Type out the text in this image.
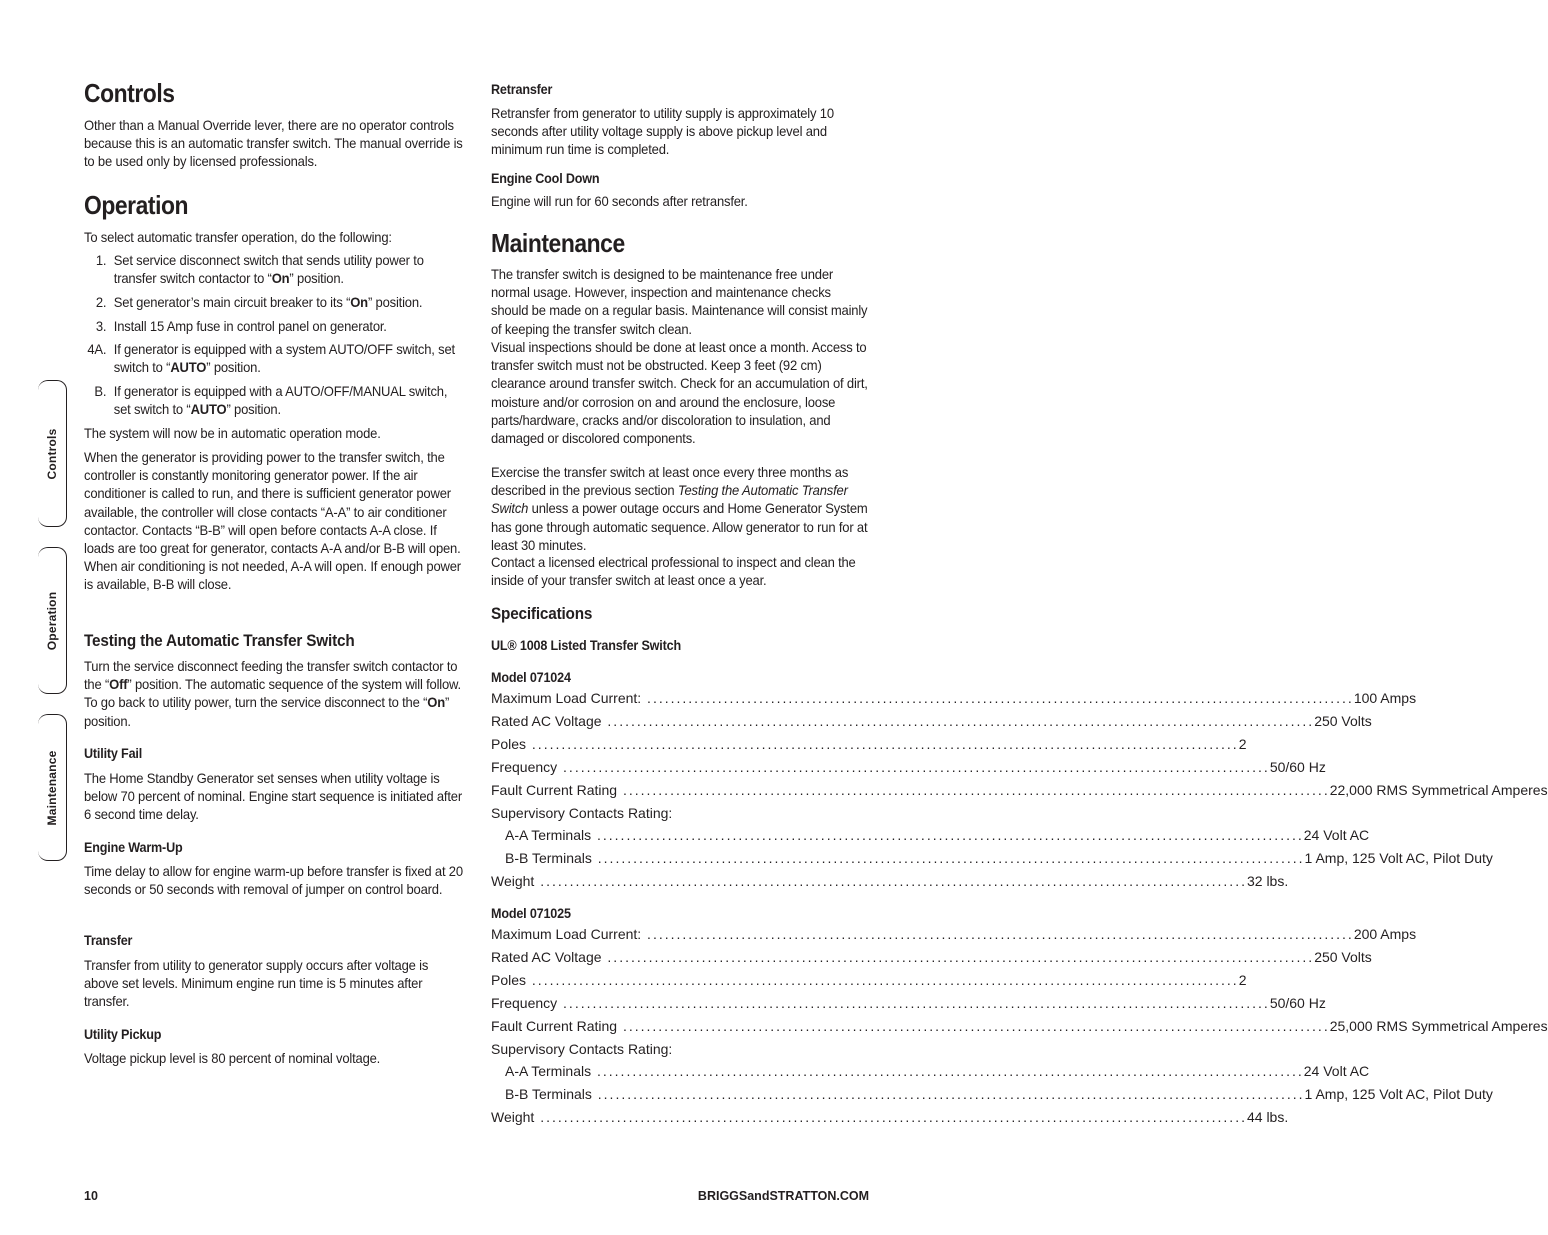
Controls
Operation
Maintenance
Controls

Other than a Manual Override lever, there are no operator controls because this is an automatic transfer switch. The manual override is to be used only by licensed professionals.

Operation

To select automatic transfer operation, do the following:

1. Set service disconnect switch that sends utility power to transfer switch contactor to “On” position.
2. Set generator’s main circuit breaker to its “On” position.
3. Install 15 Amp fuse in control panel on generator.
4A. If generator is equipped with a system AUTO/OFF switch, set switch to “AUTO” position.
B. If generator is equipped with a AUTO/OFF/MANUAL switch, set switch to “AUTO” position.

The system will now be in automatic operation mode.

When the generator is providing power to the transfer switch, the controller is constantly monitoring generator power. If the air conditioner is called to run, and there is sufficient generator power available, the controller will close contacts “A-A” to air conditioner contactor. Contacts “B-B” will open before contacts A-A close. If loads are too great for generator, contacts A-A and/or B-B will open. When air conditioning is not needed, A-A will open. If enough power is available, B-B will close.

Testing the Automatic Transfer Switch

Turn the service disconnect feeding the transfer switch contactor to the “Off” position. The automatic sequence of the system will follow. To go back to utility power, turn the service disconnect to the “On” position.

Utility Fail

The Home Standby Generator set senses when utility voltage is below 70 percent of nominal. Engine start sequence is initiated after 6 second time delay.

Engine Warm-Up

Time delay to allow for engine warm-up before transfer is fixed at 20 seconds or 50 seconds with removal of jumper on control board.

Transfer

Transfer from utility to generator supply occurs after voltage is above set levels. Minimum engine run time is 5 minutes after transfer.

Utility Pickup

Voltage pickup level is 80 percent of nominal voltage.

Retransfer

Retransfer from generator to utility supply is approximately 10 seconds after utility voltage supply is above pickup level and minimum run time is completed.

Engine Cool Down

Engine will run for 60 seconds after retransfer.

Maintenance

The transfer switch is designed to be maintenance free under normal usage. However, inspection and maintenance checks should be made on a regular basis. Maintenance will consist mainly of keeping the transfer switch clean.

Visual inspections should be done at least once a month. Access to transfer switch must not be obstructed. Keep 3 feet (92 cm) clearance around transfer switch. Check for an accumulation of dirt, moisture and/or corrosion on and around the enclosure, loose parts/hardware, cracks and/or discoloration to insulation, and damaged or discolored components.

Exercise the transfer switch at least once every three months as described in the previous section Testing the Automatic Transfer Switch unless a power outage occurs and Home Generator System has gone through automatic sequence. Allow generator to run for at least 30 minutes.

Contact a licensed electrical professional to inspect and clean the inside of your transfer switch at least once a year.

Specifications
UL® 1008 Listed Transfer Switch
Model 071024
Maximum Load Current: ........................................................................................................................ 100 Amps
Rated AC Voltage ........................................................................................................................ 250 Volts
Poles ........................................................................................................................ 2
Frequency ........................................................................................................................ 50/60 Hz
Fault Current Rating ........................................................................................................................ 22,000 RMS Symmetrical Amperes
Supervisory Contacts Rating:
A-A Terminals ........................................................................................................................ 24 Volt AC
B-B Terminals ........................................................................................................................ 1 Amp, 125 Volt AC, Pilot Duty
Weight ........................................................................................................................ 32 lbs.
Model 071025
Maximum Load Current: ........................................................................................................................ 200 Amps
Rated AC Voltage ........................................................................................................................ 250 Volts
Poles ........................................................................................................................ 2
Frequency ........................................................................................................................ 50/60 Hz
Fault Current Rating ........................................................................................................................ 25,000 RMS Symmetrical Amperes
Supervisory Contacts Rating:
A-A Terminals ........................................................................................................................ 24 Volt AC
B-B Terminals ........................................................................................................................ 1 Amp, 125 Volt AC, Pilot Duty
Weight ........................................................................................................................ 44 lbs.
10	BRIGGSandSTRATTON.COM
